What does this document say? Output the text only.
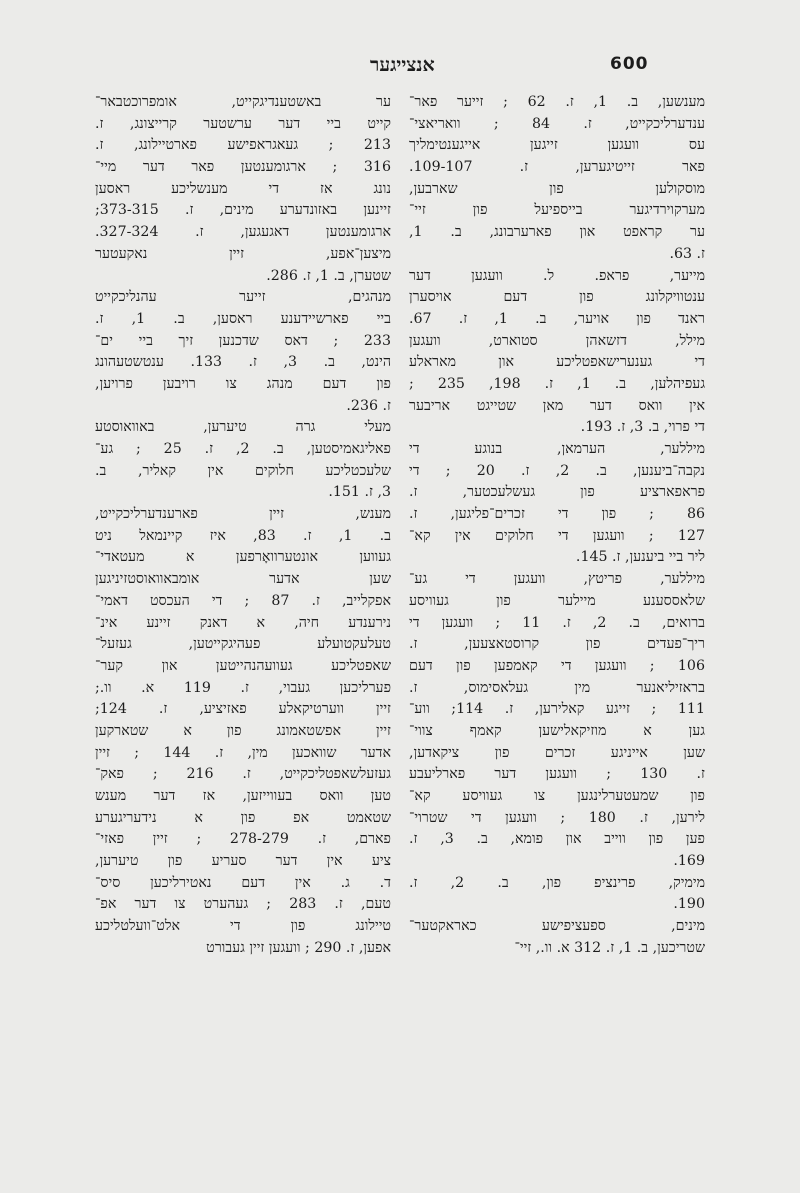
600
אנצייגער
מענשען, ב. 1, ז. 62 ; זייער פאר־
ענדערליכקייט, ז. 84 ; וואריאצי־
עס וועגען זייגען אייגענטימליך
פאר זייטיגערען, ז. 109-107.
מוסקולען פון שארבען,
מערקוירדיגער בייספיעל פון זיי־
ער קראפט און פארערבונג, ב. 1,
ז. 63.
מייער, פראפ. ל. וועגען דער
ענטוויקלונג פון דעם אויסערן
ראנד פון אויער, ב. 1, ז. 67.
מילל, דזשאהן סטוארט, וועגען
די גענערישאפטליכע און מאראלע
געפיהלען, ב. 1, ז. 198, 235 ;
אין וואס דער מאן שטייגט אריבער
די פרוי, ב. 3, ז. 193.
מיללער, הערמאן, בנוגע די
נקבה־ביענען, ב. 2, ז. 20 ; די
פראפארציע פון געשלעכטער, ז.
86 ; פון די זכרים־פליגען, ז.
127 ; וועגען די חלוקים אין קא־
ליר ביי ביענען, ז. 145.
מיללער, פריטץ, וועגען די גע־
שלאססענע מיילער פון געוויסע
ברואים, ב. 2, ז. 11 ; וועגען די
ריך־פעדים פון קרוסטאצעען, ז.
106 ; וועגען די קאמפען פון דעם
בראזיליאנער מין געלאסימוס, ז.
111 ; זייגע קאלירען, ז. 114; ווע־
גען א מוזיקאלישען קאמף צווי־
שען אייניגע זכרים פון ציקאדען,
ז. 130 ; וועגען דער פארליעבע
פון שמעטערלינגען צו געוויסע קא־
לירען, ז. 180 ; וועגען די שטרוי־
פען פון ווייב און פומא, ב. 3, ז.
169.
מימיק, פרינציפ פון, ב. 2, ז.
190.
מינים, ספעציפישע כאראקטער־
שטריכען, ב. 1, ז. 312 א. וו., זיי־
ער באשטענדיגקייט, אומפרוכטבאר־
קייט ביי דער ערשטער קרייצונג, ז.
213 ; געאגראפישע פארטיילונג, ז.
316 ; ארגומענטען פאר דער מיי־
נונג אז די מענשליכע ראסען
זיינען באזונדערע מינים, ז. 373-315;
ארגומענטען דאגעגען, ז. 327-324.
מיצען־אפע, זיין נאקעטער
שטערן, ב. 1, ז. 286.
מנהגים, זייער עהנליכקייט
ביי פארשיידענע ראסען, ב. 1, ז.
233 ; דאס שדכנען זיך ביי ים־
הינט, ב. 3, ז. 133. ענטשטעהונג
פון דעם מנהג צו רויבען פרויען,
ז. 236.
מעלי גרה טיערען, באוואוסטע
פאליגאמיסטען, ב. 2, ז. 25 ; גע־
שלעכטליכע חלוקים אין קאליר, ב.
3, ז. 151.
מענש, זיין פארענדערליכקייט,
ב. 1, ז. 83, איז קיינמאל ניט
געווען אונטערוואָרפען א מעטאדי־
שען אדער אומבאוואוסטזיניגען
אפקלייב, ז. 87 ; די העכסט דאמי־
נירענדע חיה, א דאנק זיינע אינ־
טעלעקטועלע פעהיגקייטען, געזעל־
שאפטליכע געוועהנהייטען און קער־
פערליכען געבוי, ז. 119 א. וו.;
זיין ווערטיקאלע פאזיציע, ז. 124;
זיין אפשטאמונג פון א שטארקען
אדער שוואכען מין, ז. 144 ; זיין
געזעלשאפטליכקייט, ז. 216 ; פאק־
טען וואס בעווייזען, אז דער מענש
שטאמט אפ פון א נידעריגערע
פארם, ז. 278-279 ; זיין פאזי־
ציע אין דער סעריע פון טיערען,
ד. ג. אין דעם נאטירליכען סיס־
טעם, ז. 283 ; געהערט צו דער אפ־
טיילונג פון די אלט־וועלטליכע
אפען, ז. 290 ; וועגען זיין געבורט
